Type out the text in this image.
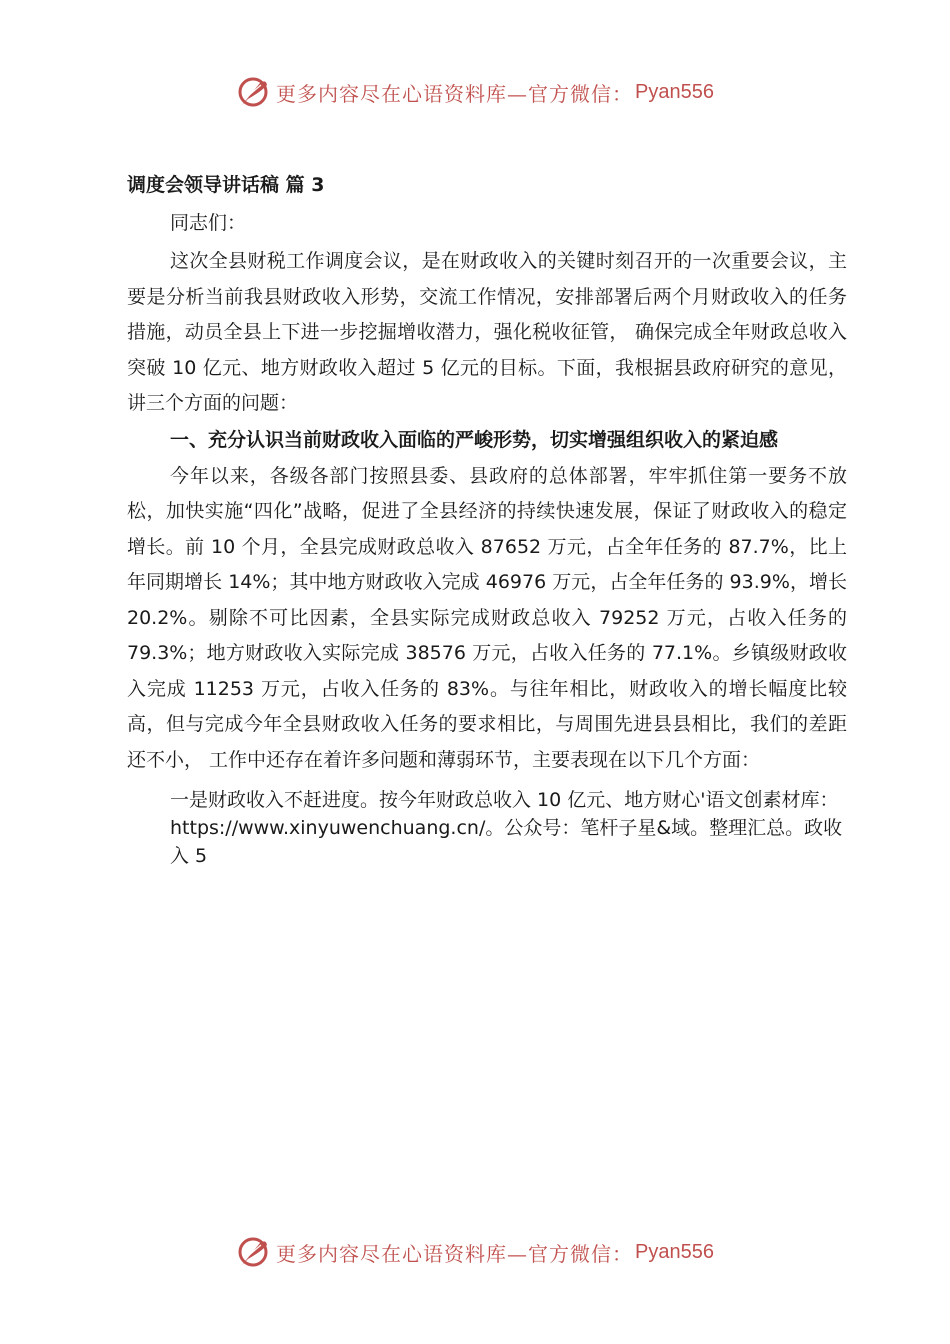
更多内容尽在心语资料库—官方微信： Pyan556

调度会领导讲话稿 篇 3

同志们：

这次全县财税工作调度会议，是在财政收入的关键时刻召开的一次重要会议，主要是分析当前我县财政收入形势，交流工作情况，安排部署后两个月财政收入的任务措施，动员全县上下进一步挖掘增收潜力，强化税收征管， 确保完成全年财政总收入突破 10 亿元、地方财政收入超过 5 亿元的目标。下面，我根据县政府研究的意见，讲三个方面的问题：

一、充分认识当前财政收入面临的严峻形势，切实增强组织收入的紧迫感

今年以来，各级各部门按照县委、县政府的总体部署，牢牢抓住第一要务不放松，加快实施“四化”战略，促进了全县经济的持续快速发展，保证了财政收入的稳定增长。前 10 个月，全县完成财政总收入 87652 万元，占全年任务的 87.7%，比上年同期增长 14%；其中地方财政收入完成 46976 万元，占全年任务的 93.9%，增长 20.2%。剔除不可比因素，全县实际完成财政总收入 79252 万元，占收入任务的 79.3%；地方财政收入实际完成 38576 万元，占收入任务的 77.1%。乡镇级财政收入完成 11253 万元，占收入任务的 83%。与往年相比，财政收入的增长幅度比较高，但与完成今年全县财政收入任务的要求相比，与周围先进县县相比，我们的差距还不小， 工作中还存在着许多问题和薄弱环节，主要表现在以下几个方面：

一是财政收入不赶进度。按今年财政总收入 10 亿元、地方财心'语文创素材库：https://www.xinyuwenchuang.cn/。公众号：笔杆子星&域。整理汇总。政收入 5

更多内容尽在心语资料库—官方微信： Pyan556
